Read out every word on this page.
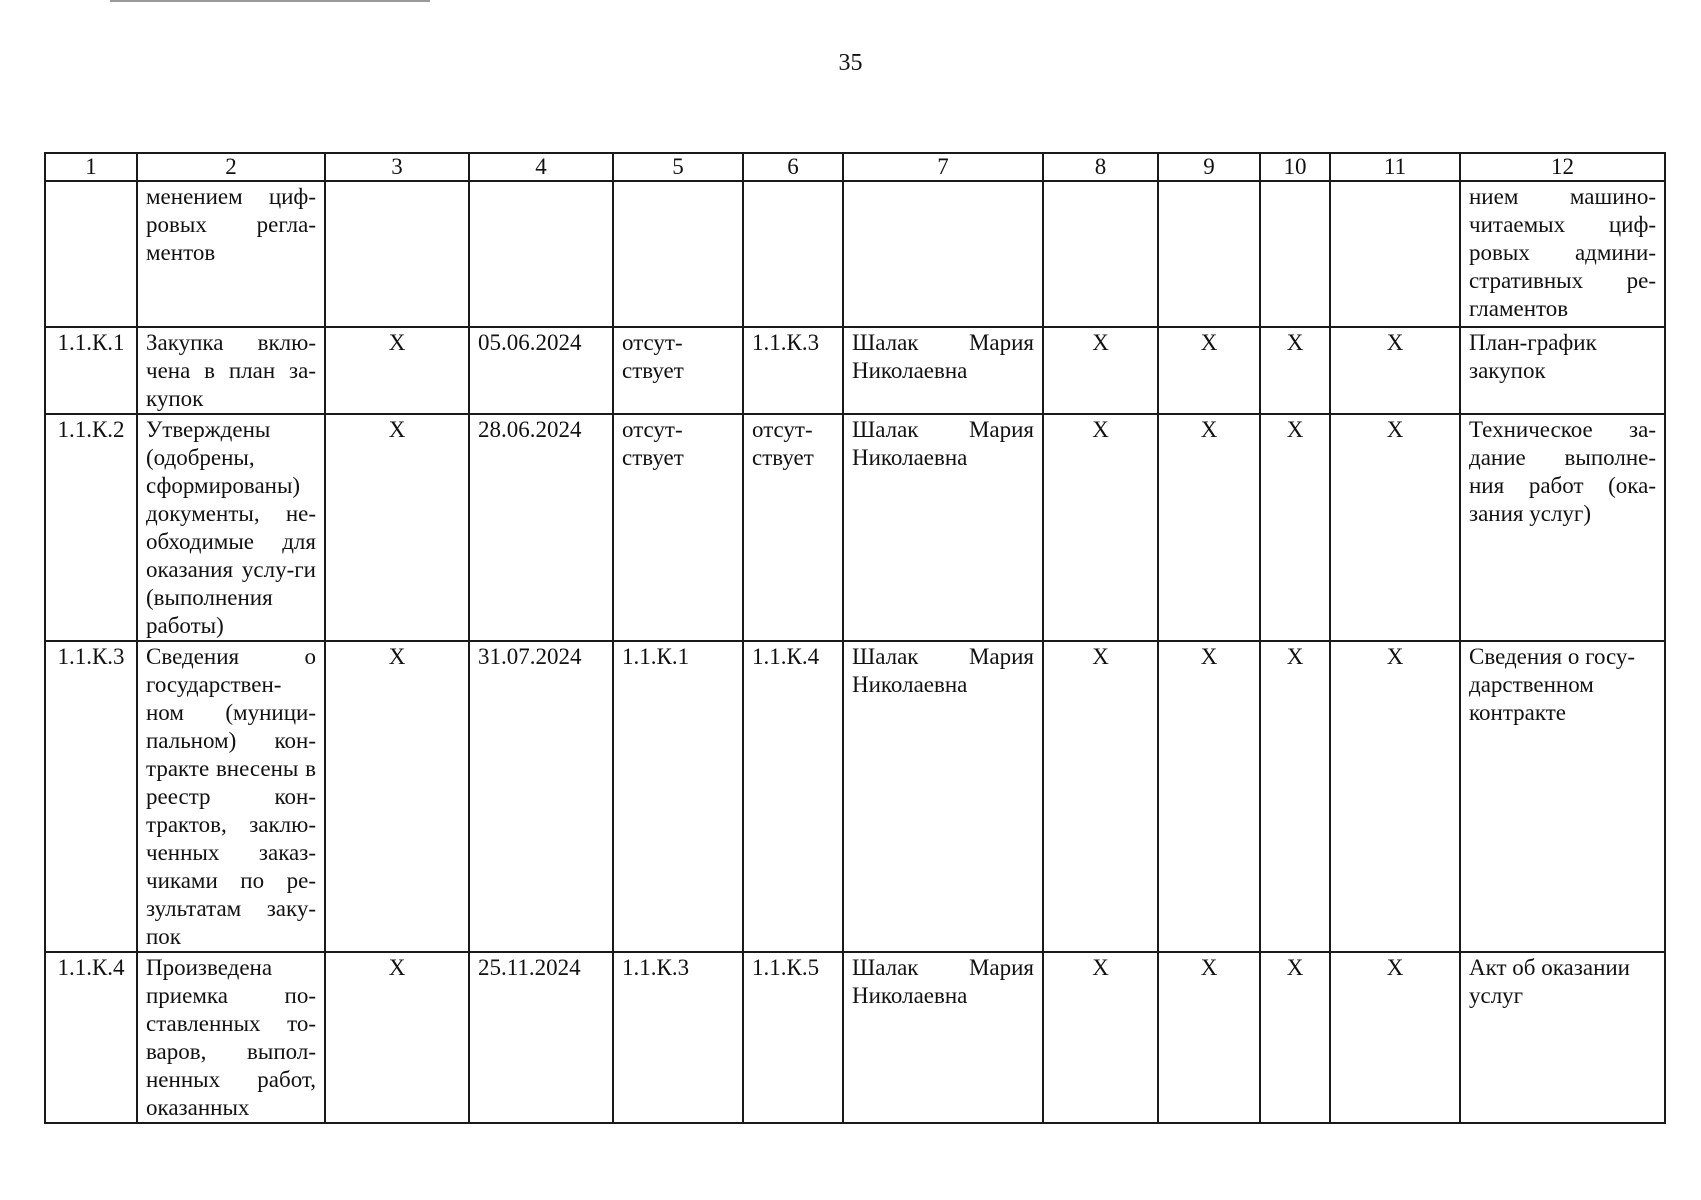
35
1	2	3	4	5	6	7	8	9	10	11	12
	менением циф-ровых регла-ментов										нием машино-читаемых циф-ровых админи-стративных ре-гламентов
1.1.К.1	Закупка вклю-чена в план за-купок	X	05.06.2024	отсут-ствует	1.1.К.3	Шалак Мария Николаевна	X	X	X	X	План-график закупок
1.1.К.2	Утверждены (одобрены, сформированы) документы, не-обходимые для оказания услу-ги (выполнения работы)	X	28.06.2024	отсут-ствует	отсут-ствует	Шалак Мария Николаевна	X	X	X	X	Техническое за-дание выполне-ния работ (ока-зания услуг)
1.1.К.3	Сведения о государствен-ном (муници-пальном) кон-тракте внесены в реестр кон-трактов, заклю-ченных заказ-чиками по ре-зультатам заку-пок	X	31.07.2024	1.1.К.1	1.1.К.4	Шалак Мария Николаевна	X	X	X	X	Сведения о госу-дарственном контракте
1.1.К.4	Произведена приемка по-ставленных то-варов, выпол-ненных работ, оказанных	X	25.11.2024	1.1.К.3	1.1.К.5	Шалак Мария Николаевна	X	X	X	X	Акт об оказании услуг
